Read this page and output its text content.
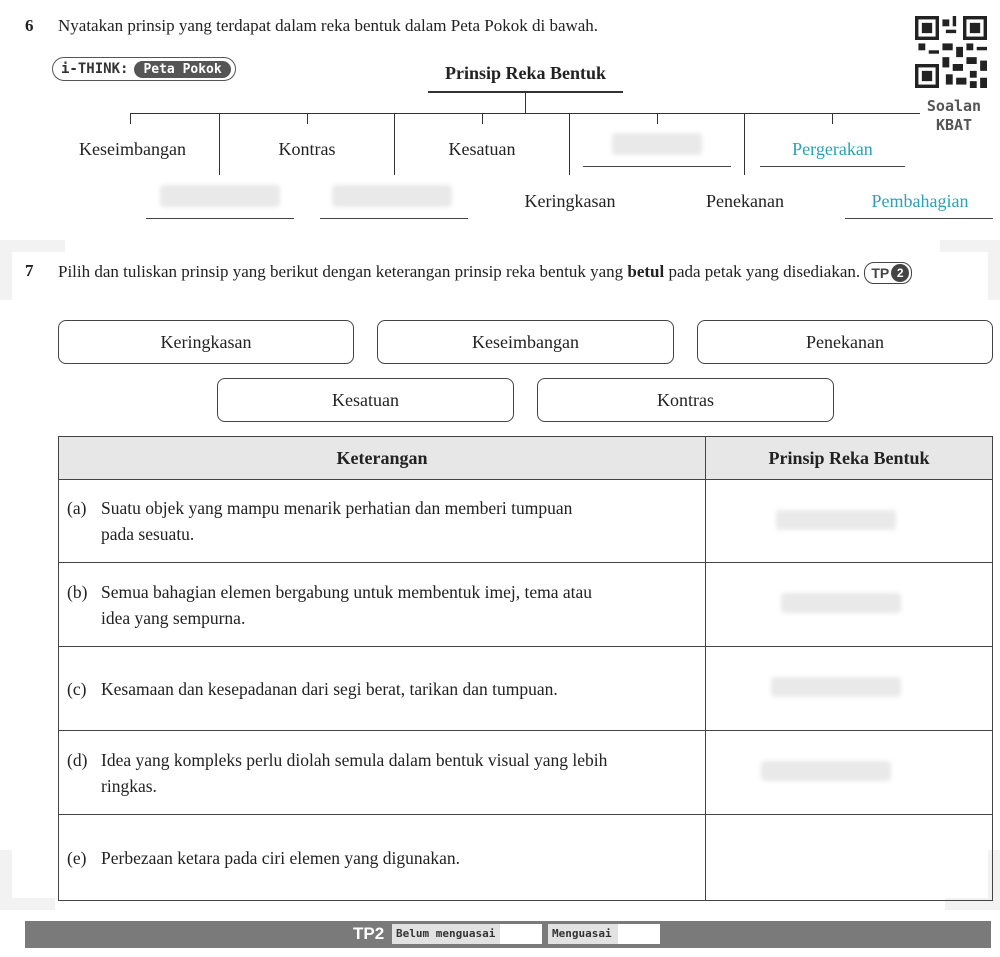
6 Nyatakan prinsip yang terdapat dalam reka bentuk dalam Peta Pokok di bawah.
i-THINK:	Peta Pokok
Soalan
KBAT
Prinsip Reka Bentuk
Keseimbangan	Kontras	Kesatuan	Pergerakan
Keringkasan	Penekanan	Pembahagian
7 Pilih dan tuliskan prinsip yang berikut dengan keterangan prinsip reka bentuk yang betul pada petak yang disediakan. TP 2
Keringkasan	Keseimbangan	Penekanan
Kesatuan	Kontras
Keterangan	Prinsip Reka Bentuk
(a) Suatu objek yang mampu menarik perhatian dan memberi tumpuan
pada sesuatu.	

(b) Semua bahagian elemen bergabung untuk membentuk imej, tema atau
idea yang sempurna.	

(c) Kesamaan dan kesepadanan dari segi berat, tarikan dan tumpuan.	

(d) Idea yang kompleks perlu diolah semula dalam bentuk visual yang lebih
ringkas.	

(e) Perbezaan ketara pada ciri elemen yang digunakan.	
TP2	Belum menguasai	Menguasai
